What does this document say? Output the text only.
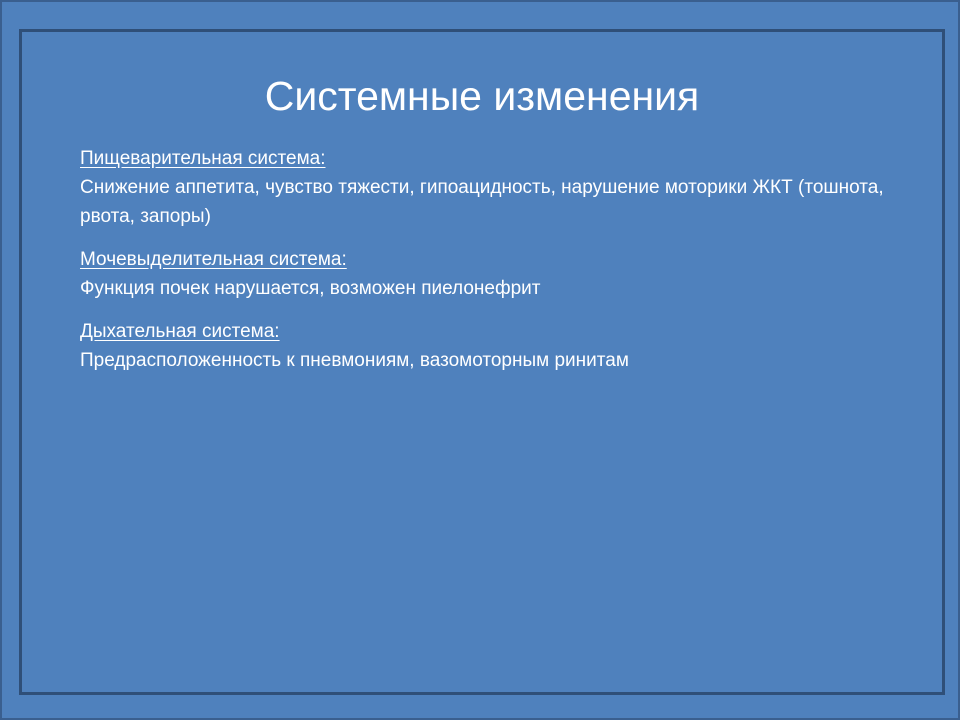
Системные изменения
Пищеварительная система:
Снижение аппетита, чувство тяжести, гипоацидность, нарушение моторики ЖКТ (тошнота, рвота, запоры)
Мочевыделительная система:
Функция почек нарушается, возможен пиелонефрит
Дыхательная система:
Предрасположенность к пневмониям, вазомоторным ринитам
